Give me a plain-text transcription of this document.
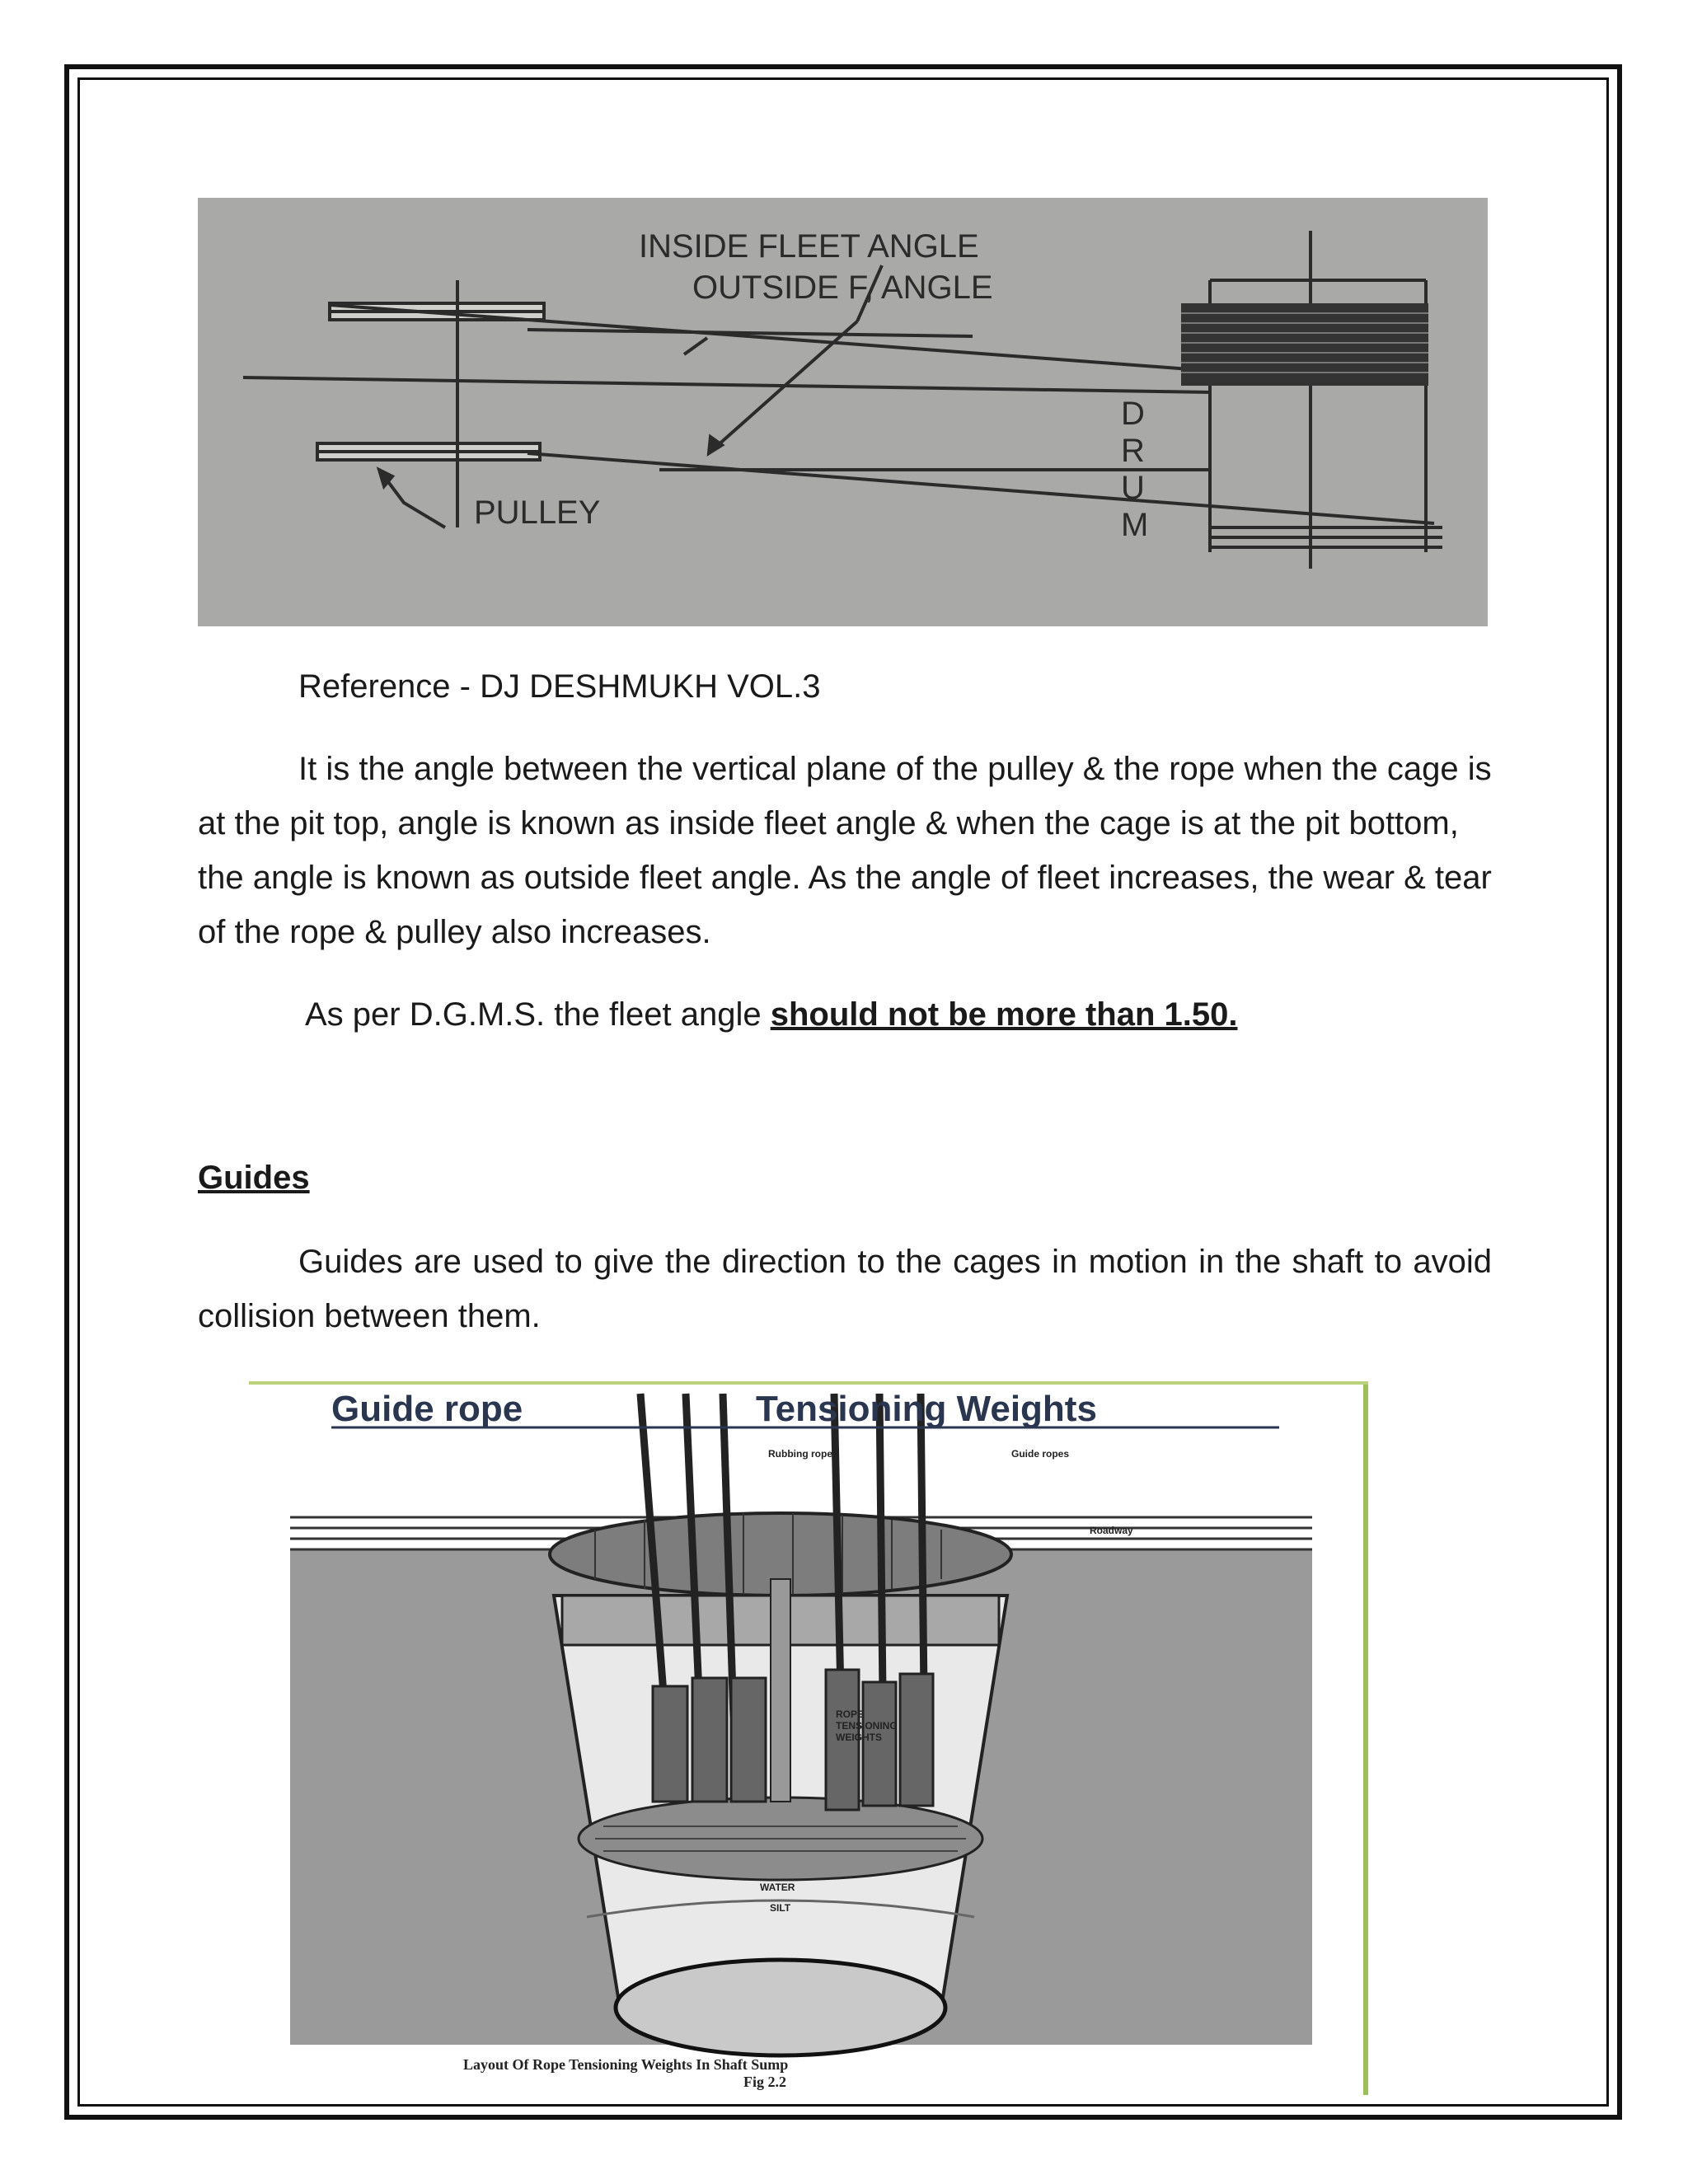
INSIDE FLEET ANGLE
OUTSIDE F, ANGLE
PULLEY
D
R
U
M
Reference - DJ DESHMUKH VOL.3

It is the angle between the vertical plane of the pulley & the rope when the cage is at the pit top, angle is known as inside fleet angle & when the cage is at the pit bottom, the angle is known as outside fleet angle. As the angle of fleet increases, the wear & tear of the rope & pulley also increases.

As per D.G.M.S. the fleet angle should not be more than 1.50.
Guides

Guides are used to give the direction to the cages in motion in the shaft to avoid collision between them.

Guide rope	Tensioning Weights
Rubbing ropes	Guide ropes
Roadway
ROPE
TENSIONING
WEIGHTS
WATER
SILT
Layout Of Rope Tensioning Weights In Shaft Sump
Fig 2.2
